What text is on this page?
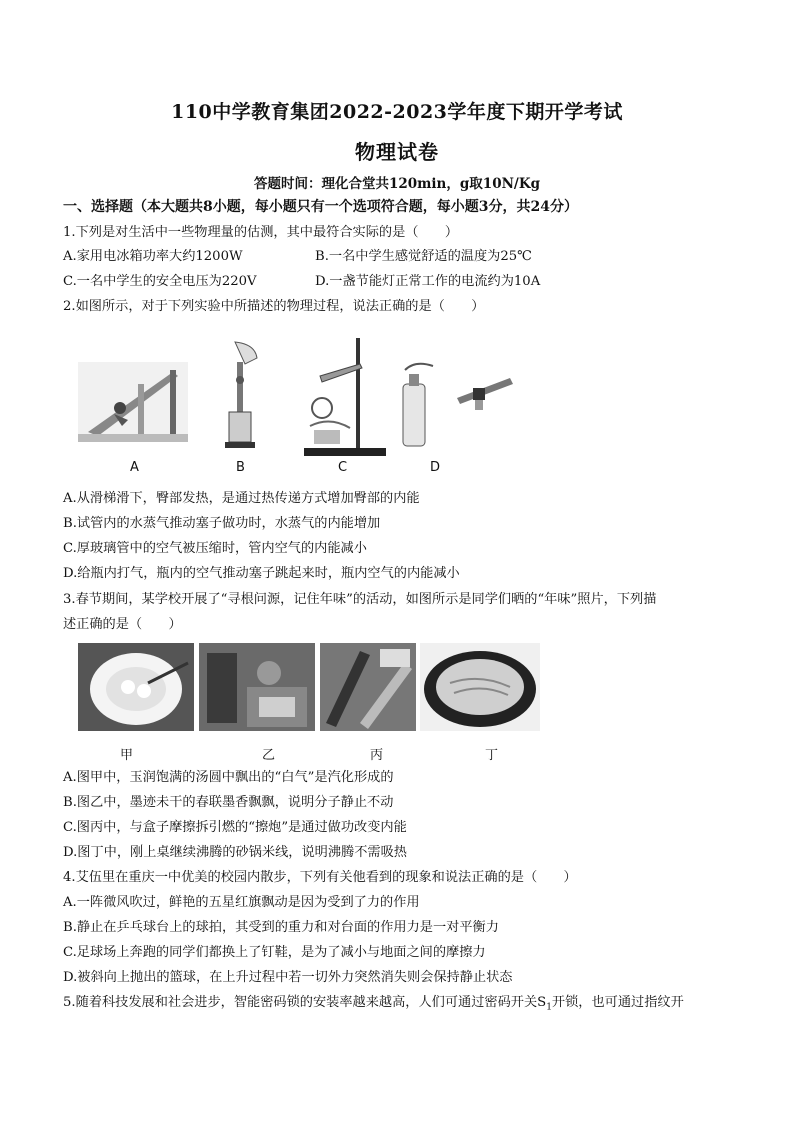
110中学教育集团2022-2023学年度下期开学考试
物理试卷
答题时间：理化合堂共120min，g取10N/Kg
一、选择题（本大题共8小题，每小题只有一个选项符合题，每小题3分，共24分）
1.下列是对生活中一些物理量的估测，其中最符合实际的是（　　）
A.家用电冰箱功率大约1200W	B.一名中学生感觉舒适的温度为25℃
C.一名中学生的安全电压为220V	D.一盏节能灯正常工作的电流约为10A
2.如图所示，对于下列实验中所描述的物理过程，说法正确的是（　　）
A	B	C	D
A.从滑梯滑下，臀部发热，是通过热传递方式增加臀部的内能
B.试管内的水蒸气推动塞子做功时，水蒸气的内能增加
C.厚玻璃管中的空气被压缩时，管内空气的内能减小
D.给瓶内打气，瓶内的空气推动塞子跳起来时，瓶内空气的内能减小
3.春节期间，某学校开展了“寻根问源，记住年味”的活动，如图所示是同学们晒的“年味”照片，下列描
述正确的是（　　）
甲	乙	丙	丁
A.图甲中，玉润饱满的汤圆中飘出的“白气”是汽化形成的
B.图乙中，墨迹未干的春联墨香飘飘，说明分子静止不动
C.图丙中，与盒子摩擦拆引燃的“擦炮”是通过做功改变内能
D.图丁中，刚上桌继续沸腾的砂锅米线，说明沸腾不需吸热
4.艾伍里在重庆一中优美的校园内散步，下列有关他看到的现象和说法正确的是（　　）
A.一阵微风吹过，鲜艳的五星红旗飘动是因为受到了力的作用
B.静止在乒乓球台上的球拍，其受到的重力和对台面的作用力是一对平衡力
C.足球场上奔跑的同学们都换上了钉鞋，是为了减小与地面之间的摩擦力
D.被斜向上抛出的篮球，在上升过程中若一切外力突然消失则会保持静止状态
5.随着科技发展和社会进步，智能密码锁的安装率越来越高，人们可通过密码开关$S_1$开锁，也可通过指纹开
